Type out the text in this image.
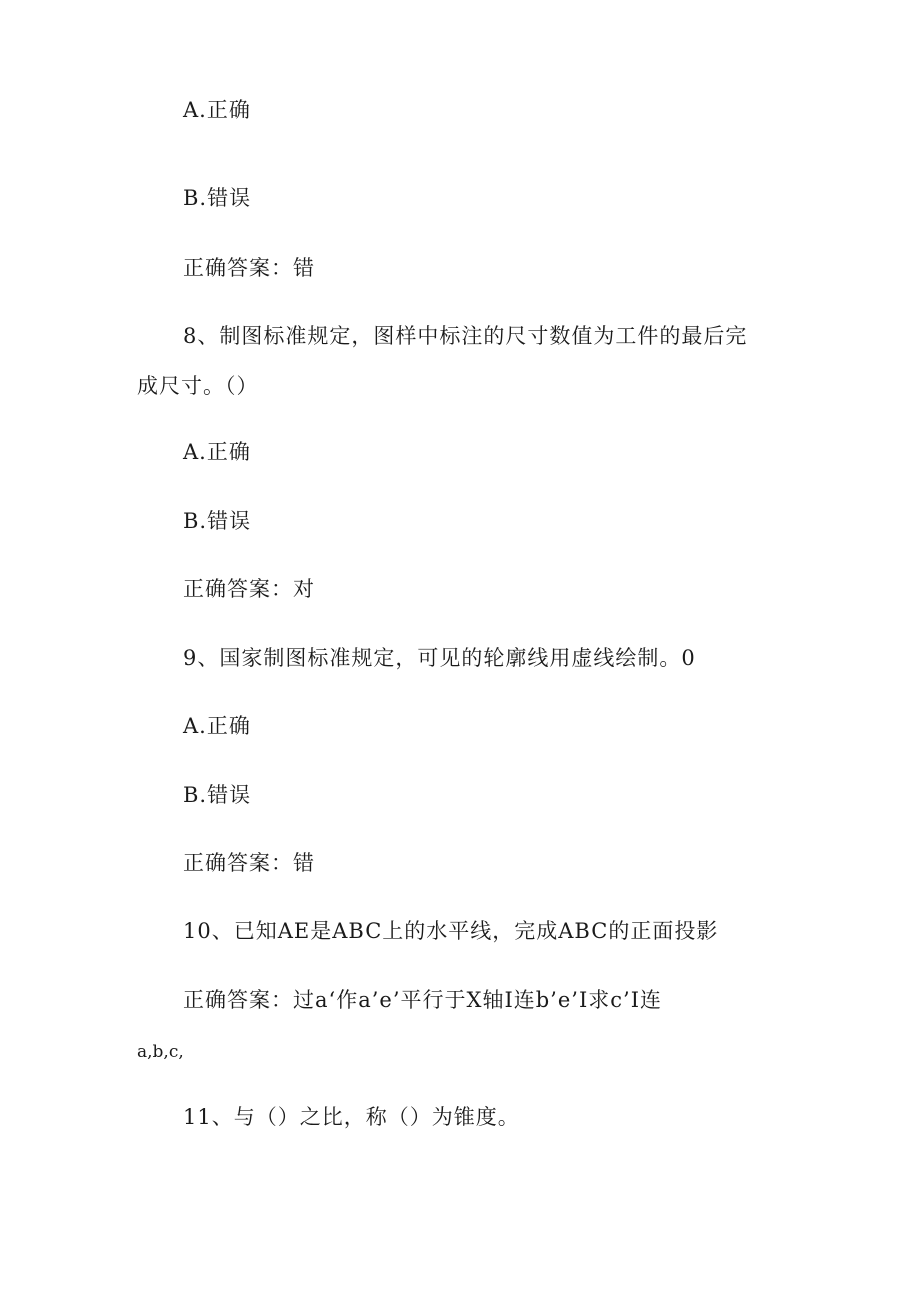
A.正确
B.错误
正确答案：错
8、制图标准规定，图样中标注的尺寸数值为工件的最后完
成尺寸。（）
A.正确
B.错误
正确答案：对
9、国家制图标准规定，可见的轮廓线用虚线绘制。0
A.正确
B.错误
正确答案：错
10、已知AE是ABC上的水平线，完成ABC的正面投影
正确答案：过a‘作a’e’平行于X轴I连b’e’I求c’I连
a,b,c,
11、与（）之比，称（）为锥度。
